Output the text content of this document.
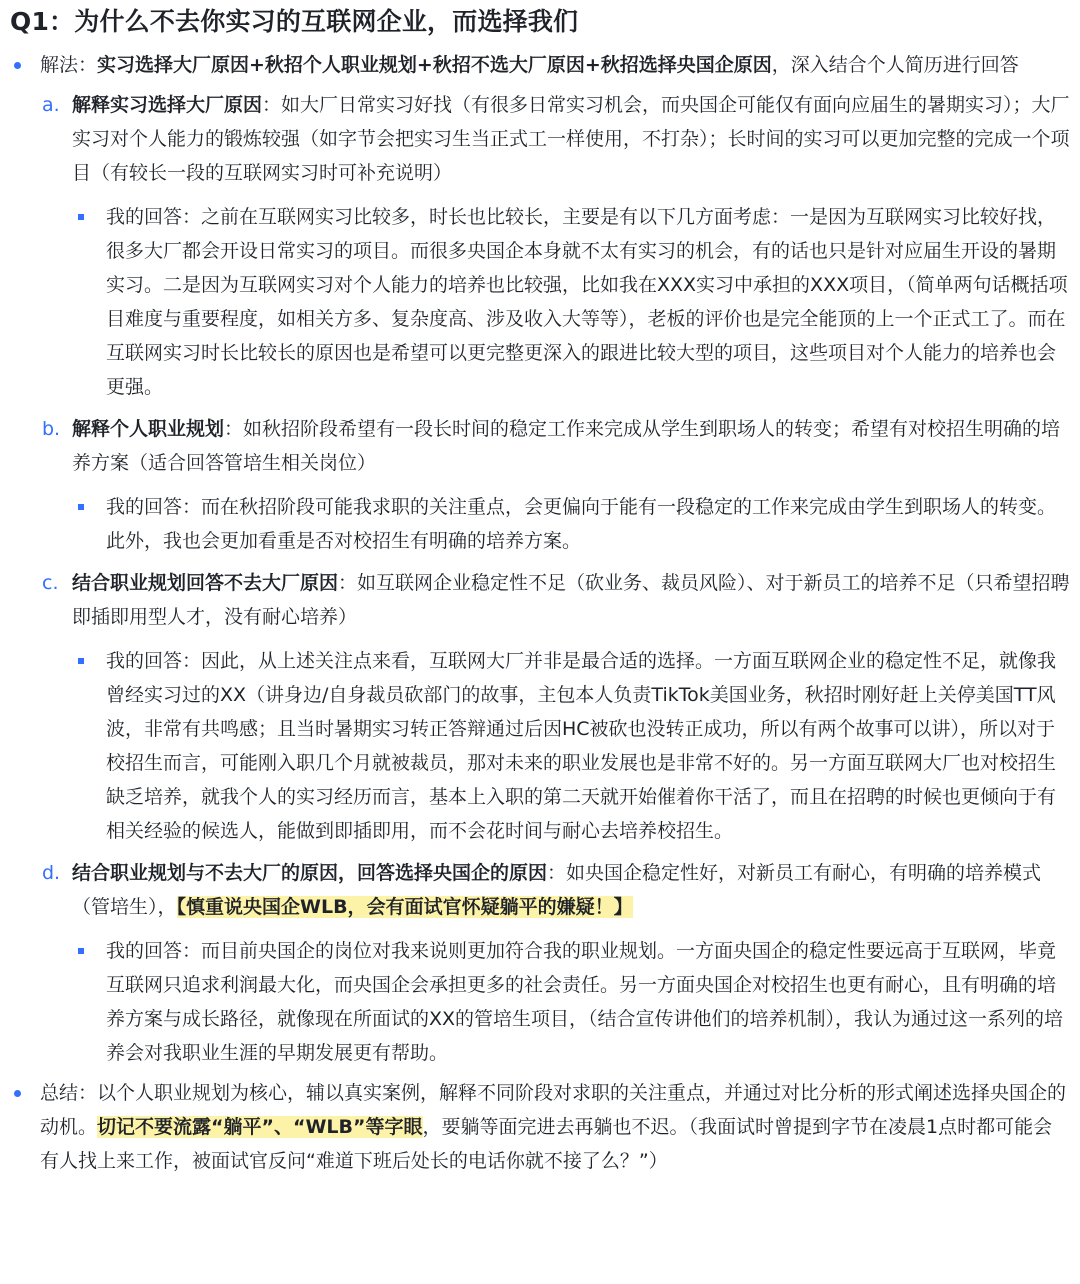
Q1：为什么不去你实习的互联网企业，而选择我们
解法：实习选择大厂原因+秋招个人职业规划+秋招不选大厂原因+秋招选择央国企原因，深入结合个人简历进行回答
a. 解释实习选择大厂原因：如大厂日常实习好找（有很多日常实习机会，而央国企可能仅有面向应届生的暑期实习）；大厂实习对个人能力的锻炼较强（如字节会把实习生当正式工一样使用，不打杂）；长时间的实习可以更加完整的完成一个项目（有较长一段的互联网实习时可补充说明）
我的回答：之前在互联网实习比较多，时长也比较长，主要是有以下几方面考虑：一是因为互联网实习比较好找，很多大厂都会开设日常实习的项目。而很多央国企本身就不太有实习的机会，有的话也只是针对应届生开设的暑期实习。二是因为互联网实习对个人能力的培养也比较强，比如我在XXX实习中承担的XXX项目，（简单两句话概括项目难度与重要程度，如相关方多、复杂度高、涉及收入大等等），老板的评价也是完全能顶的上一个正式工了。而在互联网实习时长比较长的原因也是希望可以更完整更深入的跟进比较大型的项目，这些项目对个人能力的培养也会更强。
b. 解释个人职业规划：如秋招阶段希望有一段长时间的稳定工作来完成从学生到职场人的转变；希望有对校招生明确的培养方案（适合回答管培生相关岗位）
我的回答：而在秋招阶段可能我求职的关注重点，会更偏向于能有一段稳定的工作来完成由学生到职场人的转变。此外，我也会更加看重是否对校招生有明确的培养方案。
c. 结合职业规划回答不去大厂原因：如互联网企业稳定性不足（砍业务、裁员风险）、对于新员工的培养不足（只希望招聘即插即用型人才，没有耐心培养）
我的回答：因此，从上述关注点来看，互联网大厂并非是最合适的选择。一方面互联网企业的稳定性不足，就像我曾经实习过的XX（讲身边/自身裁员砍部门的故事，主包本人负责TikTok美国业务，秋招时刚好赶上关停美国TT风波，非常有共鸣感；且当时暑期实习转正答辩通过后因HC被砍也没转正成功，所以有两个故事可以讲），所以对于校招生而言，可能刚入职几个月就被裁员，那对未来的职业发展也是非常不好的。另一方面互联网大厂也对校招生缺乏培养，就我个人的实习经历而言，基本上入职的第二天就开始催着你干活了，而且在招聘的时候也更倾向于有相关经验的候选人，能做到即插即用，而不会花时间与耐心去培养校招生。
d. 结合职业规划与不去大厂的原因，回答选择央国企的原因：如央国企稳定性好，对新员工有耐心，有明确的培养模式（管培生），【慎重说央国企WLB，会有面试官怀疑躺平的嫌疑！】
我的回答：而目前央国企的岗位对我来说则更加符合我的职业规划。一方面央国企的稳定性要远高于互联网，毕竟互联网只追求利润最大化，而央国企会承担更多的社会责任。另一方面央国企对校招生也更有耐心，且有明确的培养方案与成长路径，就像现在所面试的XX的管培生项目，（结合宣传讲他们的培养机制），我认为通过这一系列的培养会对我职业生涯的早期发展更有帮助。
总结：以个人职业规划为核心，辅以真实案例，解释不同阶段对求职的关注重点，并通过对比分析的形式阐述选择央国企的动机。切记不要流露“躺平”、“WLB”等字眼，要躺等面完进去再躺也不迟。（我面试时曾提到字节在凌晨1点时都可能会有人找上来工作，被面试官反问“难道下班后处长的电话你就不接了么？”）
